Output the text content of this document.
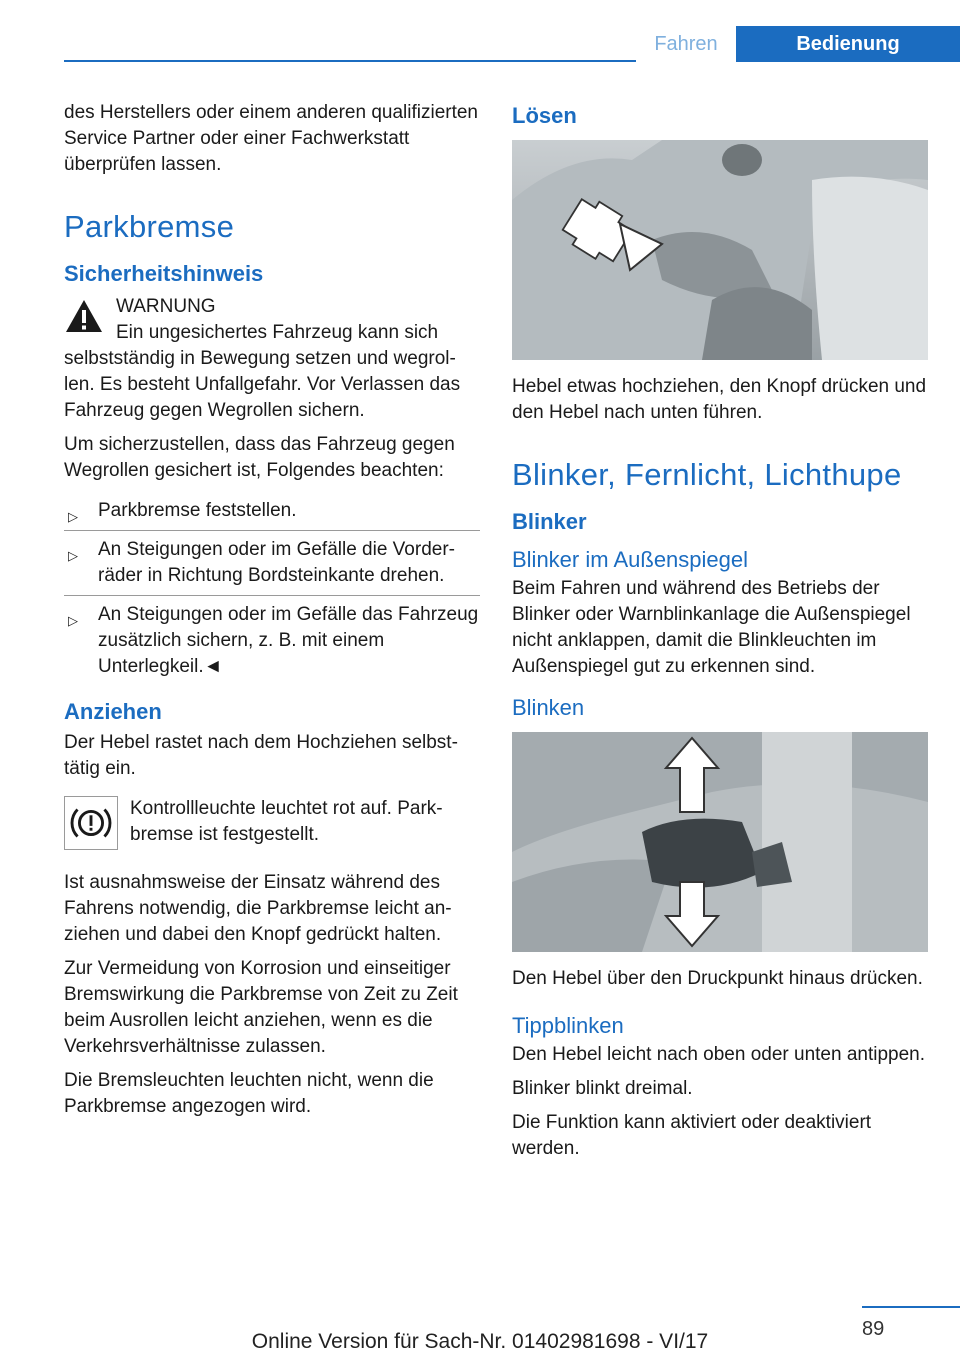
Fahren	Bedienung

des Herstellers oder einem anderen qualifizierten Service Partner oder einer Fachwerkstatt überprüfen lassen.

Parkbremse
Sicherheitshinweis
WARNUNG

Ein ungesichertes Fahrzeug kann sich selbstständig in Bewegung setzen und wegrollen. Es besteht Unfallgefahr. Vor Verlassen das Fahrzeug gegen Wegrollen sichern.

Um sicherzustellen, dass das Fahrzeug gegen Wegrollen gesichert ist, Folgendes beachten:

▷ Parkbremse feststellen.
▷ An Steigungen oder im Gefälle die Vorderräder in Richtung Bordsteinkante drehen.
▷ An Steigungen oder im Gefälle das Fahrzeug zusätzlich sichern, z. B. mit einem Unterlegkeil.◄
Anziehen

Der Hebel rastet nach dem Hochziehen selbsttätig ein.

Kontrollleuchte leuchtet rot auf. Parkbremse ist festgestellt.

Ist ausnahmsweise der Einsatz während des Fahrens notwendig, die Parkbremse leicht anziehen und dabei den Knopf gedrückt halten.

Zur Vermeidung von Korrosion und einseitiger Bremswirkung die Parkbremse von Zeit zu Zeit beim Ausrollen leicht anziehen, wenn es die Verkehrsverhältnisse zulassen.

Die Bremsleuchten leuchten nicht, wenn die Parkbremse angezogen wird.

Lösen

Hebel etwas hochziehen, den Knopf drücken und den Hebel nach unten führen.

Blinker, Fernlicht, Lichthupe
Blinker
Blinker im Außenspiegel

Beim Fahren und während des Betriebs der Blinker oder Warnblinkanlage die Außenspiegel nicht anklappen, damit die Blinkleuchten im Außenspiegel gut zu erkennen sind.

Blinken

Den Hebel über den Druckpunkt hinaus drücken.

Tippblinken

Den Hebel leicht nach oben oder unten antippen.

Blinker blinkt dreimal.

Die Funktion kann aktiviert oder deaktiviert werden.

89
Online Version für Sach-Nr. 01402981698 - VI/17
